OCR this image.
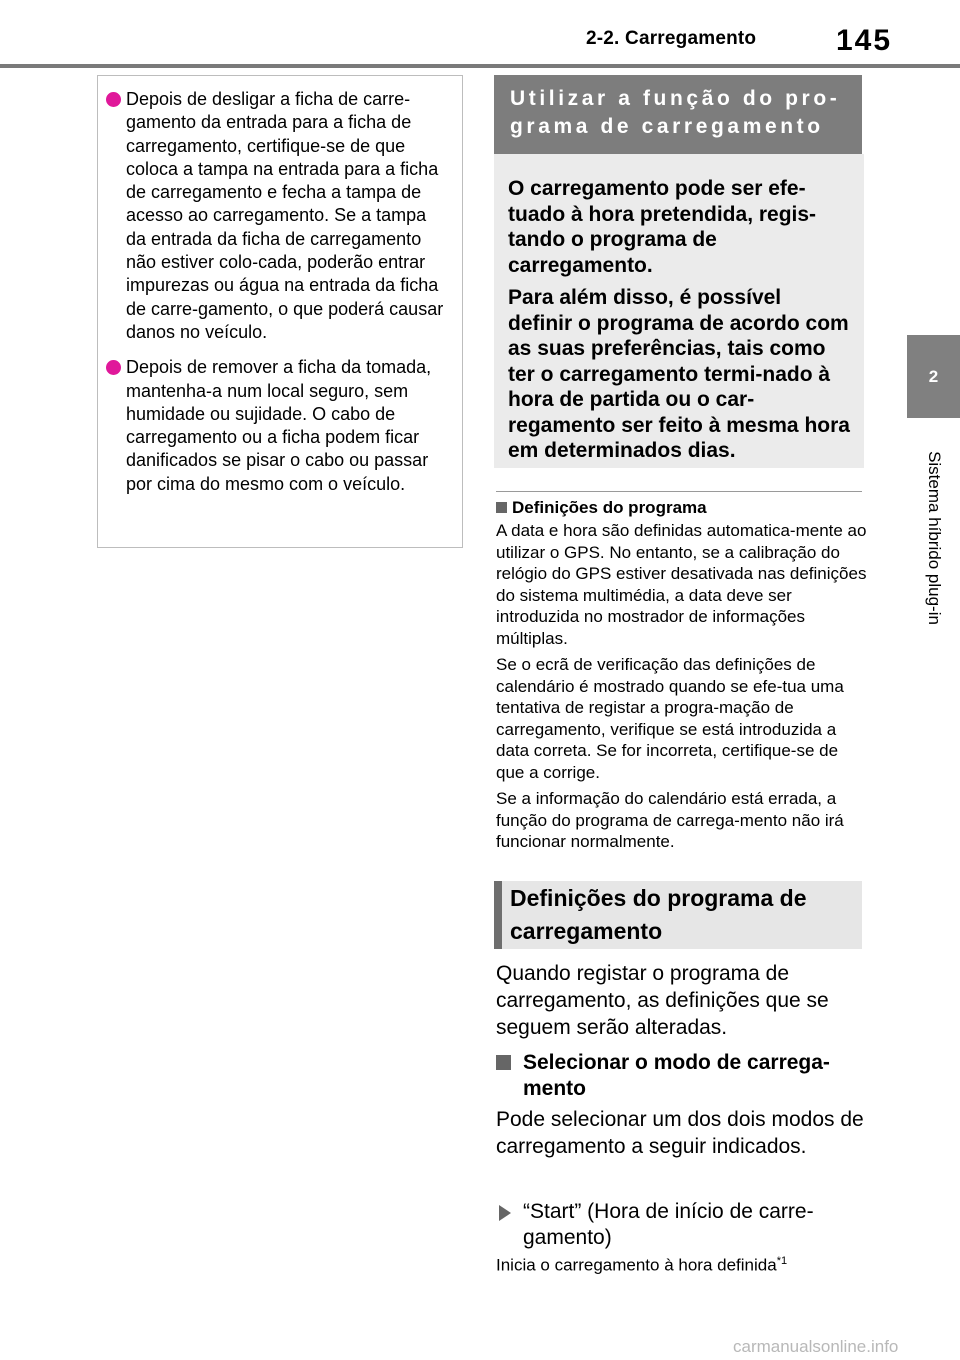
2-2. Carregamento	145
2
Sistema híbrido plug-in
Depois de desligar a ficha de carre-gamento da entrada para a ficha de carregamento, certifique-se de que coloca a tampa na entrada para a ficha de carregamento e fecha a tampa de acesso ao carregamento. Se a tampa da entrada da ficha de carregamento não estiver colo-cada, poderão entrar impurezas ou água na entrada da ficha de carre-gamento, o que poderá causar danos no veículo.
Depois de remover a ficha da tomada, mantenha-a num local seguro, sem humidade ou sujidade. O cabo de carregamento ou a ficha podem ficar danificados se pisar o cabo ou passar por cima do mesmo com o veículo.
Utilizar a função do pro-grama de carregamento

O carregamento pode ser efe-tuado à hora pretendida, regis-tando o programa de carregamento.

Para além disso, é possível definir o programa de acordo com as suas preferências, tais como ter o carregamento termi-nado à hora de partida ou o car-regamento ser feito à mesma hora em determinados dias.

Definições do programa

A data e hora são definidas automatica-mente ao utilizar o GPS. No entanto, se a calibração do relógio do GPS estiver desativada nas definições do sistema multimédia, a data deve ser introduzida no mostrador de informações múltiplas.

Se o ecrã de verificação das definições de calendário é mostrado quando se efe-tua uma tentativa de registar a progra-mação de carregamento, verifique se está introduzida a data correta. Se for incorreta, certifique-se de que a corrige.

Se a informação do calendário está errada, a função do programa de carrega-mento não irá funcionar normalmente.

Definições do programa de carregamento
Quando registar o programa de carregamento, as definições que se seguem serão alteradas.
Selecionar o modo de carrega-mento
Pode selecionar um dos dois modos de carregamento a seguir indicados.
“Start” (Hora de início de carre-gamento)
Inicia o carregamento à hora definida$^{*1}$
carmanualsonline.info
